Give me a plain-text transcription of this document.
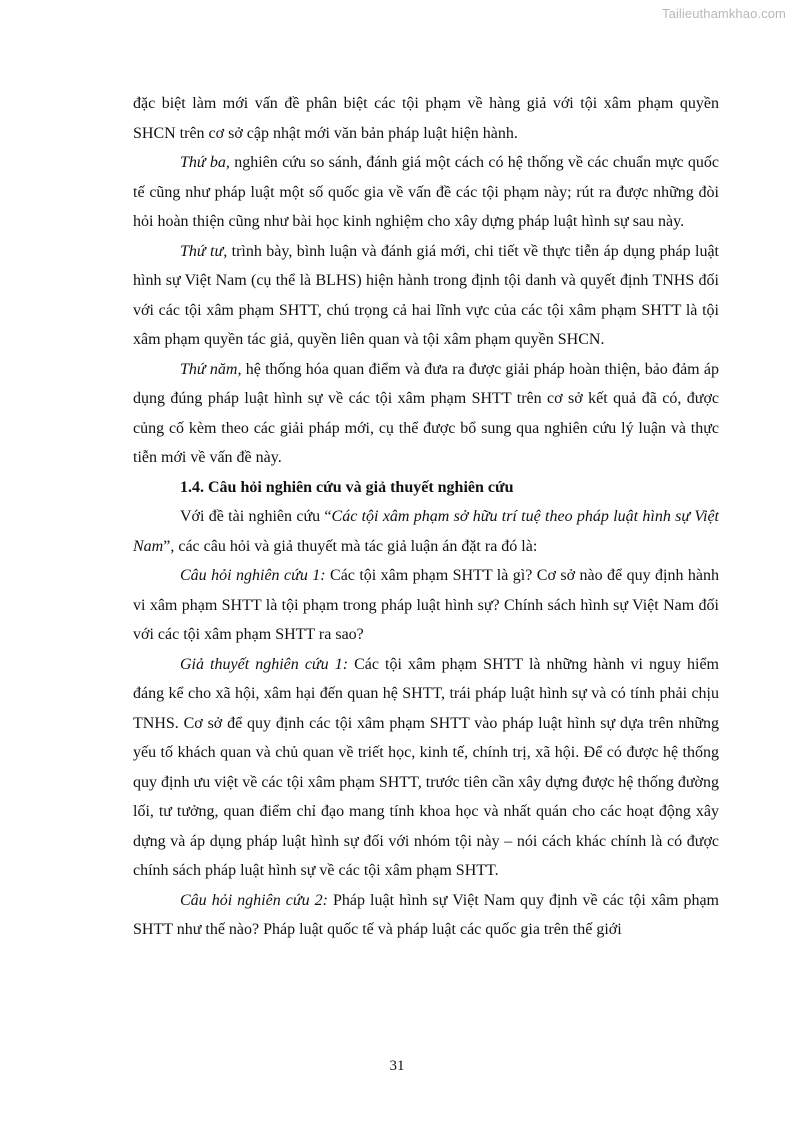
Tailieuthamkhao.com

đặc biệt làm mới vấn đề phân biệt các tội phạm về hàng giả với tội xâm phạm quyền SHCN trên cơ sở cập nhật mới văn bản pháp luật hiện hành.

Thứ ba, nghiên cứu so sánh, đánh giá một cách có hệ thống về các chuẩn mực quốc tế cũng như pháp luật một số quốc gia về vấn đề các tội phạm này; rút ra được những đòi hỏi hoàn thiện cũng như bài học kinh nghiệm cho xây dựng pháp luật hình sự sau này.

Thứ tư, trình bày, bình luận và đánh giá mới, chi tiết về thực tiễn áp dụng pháp luật hình sự Việt Nam (cụ thể là BLHS) hiện hành trong định tội danh và quyết định TNHS đối với các tội xâm phạm SHTT, chú trọng cả hai lĩnh vực của các tội xâm phạm SHTT là tội xâm phạm quyền tác giả, quyền liên quan và tội xâm phạm quyền SHCN.

Thứ năm, hệ thống hóa quan điểm và đưa ra được giải pháp hoàn thiện, bảo đảm áp dụng đúng pháp luật hình sự về các tội xâm phạm SHTT trên cơ sở kết quả đã có, được củng cố kèm theo các giải pháp mới, cụ thể được bổ sung qua nghiên cứu lý luận và thực tiễn mới về vấn đề này.

1.4. Câu hỏi nghiên cứu và giả thuyết nghiên cứu

Với đề tài nghiên cứu “Các tội xâm phạm sở hữu trí tuệ theo pháp luật hình sự Việt Nam”, các câu hỏi và giả thuyết mà tác giả luận án đặt ra đó là:

Câu hỏi nghiên cứu 1: Các tội xâm phạm SHTT là gì? Cơ sở nào để quy định hành vi xâm phạm SHTT là tội phạm trong pháp luật hình sự? Chính sách hình sự Việt Nam đối với các tội xâm phạm SHTT ra sao?

Giả thuyết nghiên cứu 1: Các tội xâm phạm SHTT là những hành vi nguy hiểm đáng kể cho xã hội, xâm hại đến quan hệ SHTT, trái pháp luật hình sự và có tính phải chịu TNHS. Cơ sở để quy định các tội xâm phạm SHTT vào pháp luật hình sự dựa trên những yếu tố khách quan và chủ quan về triết học, kinh tế, chính trị, xã hội. Để có được hệ thống quy định ưu việt về các tội xâm phạm SHTT, trước tiên cần xây dựng được hệ thống đường lối, tư tưởng, quan điểm chỉ đạo mang tính khoa học và nhất quán cho các hoạt động xây dựng và áp dụng pháp luật hình sự đối với nhóm tội này – nói cách khác chính là có được chính sách pháp luật hình sự về các tội xâm phạm SHTT.

Câu hỏi nghiên cứu 2: Pháp luật hình sự Việt Nam quy định về các tội xâm phạm SHTT như thế nào? Pháp luật quốc tế và pháp luật các quốc gia trên thế giới

31
